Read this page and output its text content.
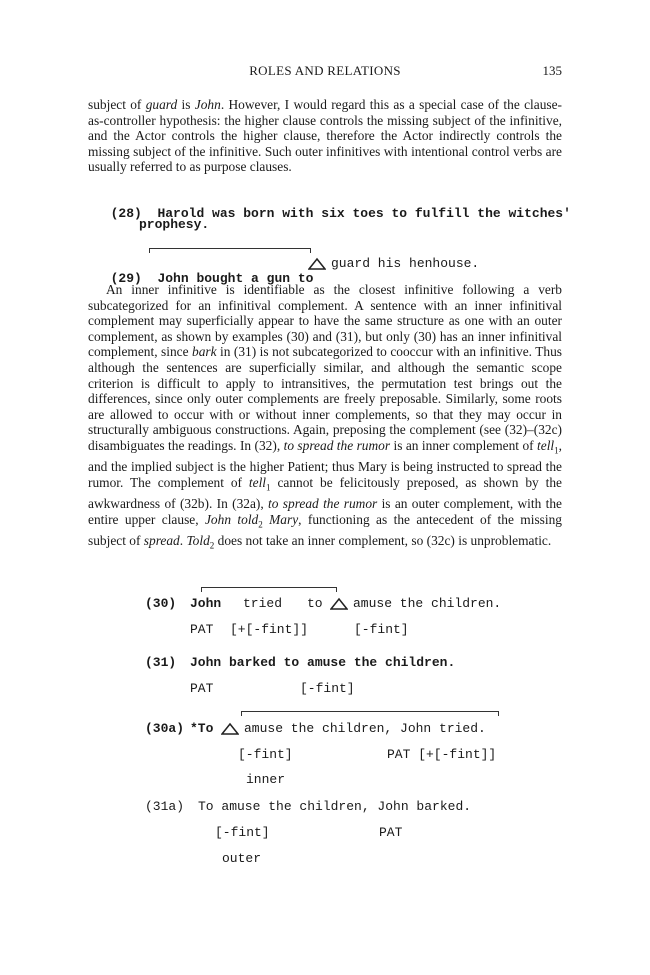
ROLES AND RELATIONS	135

subject of guard is John. However, I would regard this as a special case of the clause-as-controller hypothesis: the higher clause controls the missing subject of the infinitive, and the Actor controls the higher clause, therefore the Actor indirectly controls the missing subject of the infinitive. Such outer infinitives with intentional control verbs are usually referred to as purpose clauses.

(28) Harold was born with six toes to fulfill the witches'

prophesy.

(29) John bought a gun to

guard his henhouse.

An inner infinitive is identifiable as the closest infinitive following a verb subcategorized for an infinitival complement. A sentence with an inner infinitival complement may superficially appear to have the same structure as one with an outer complement, as shown by examples (30) and (31), but only (30) has an inner infinitival complement, since bark in (31) is not subcategorized to cooccur with an infinitive. Thus although the sentences are superficially similar, and although the semantic scope criterion is difficult to apply to intransitives, the permutation test brings out the differences, since only outer complements are freely preposable. Similarly, some roots are allowed to occur with or without inner complements, so that they may occur in structurally ambiguous constructions. Again, preposing the complement (see (32)–(32c) disambiguates the readings. In (32), to spread the rumor is an inner complement of tell$_1$, and the implied subject is the higher Patient; thus Mary is being instructed to spread the rumor. The complement of tell$_1$ cannot be felicitously preposed, as shown by the awkwardness of (32b). In (32a), to spread the rumor is an outer complement, with the entire upper clause, John told$_2$ Mary, functioning as the antecedent of the missing subject of spread. Told$_2$ does not take an inner complement, so (32c) is unproblematic.

(30) John tried to amuse the children.
PAT [+[-fint]]	[-fint]
(31) John barked to amuse the children.
PAT	[-fint]
(30a) *To amuse the children, John tried.
[-fint]	PAT [+[-fint]]
inner
(31a) To amuse the children, John barked.
[-fint]	PAT
outer
